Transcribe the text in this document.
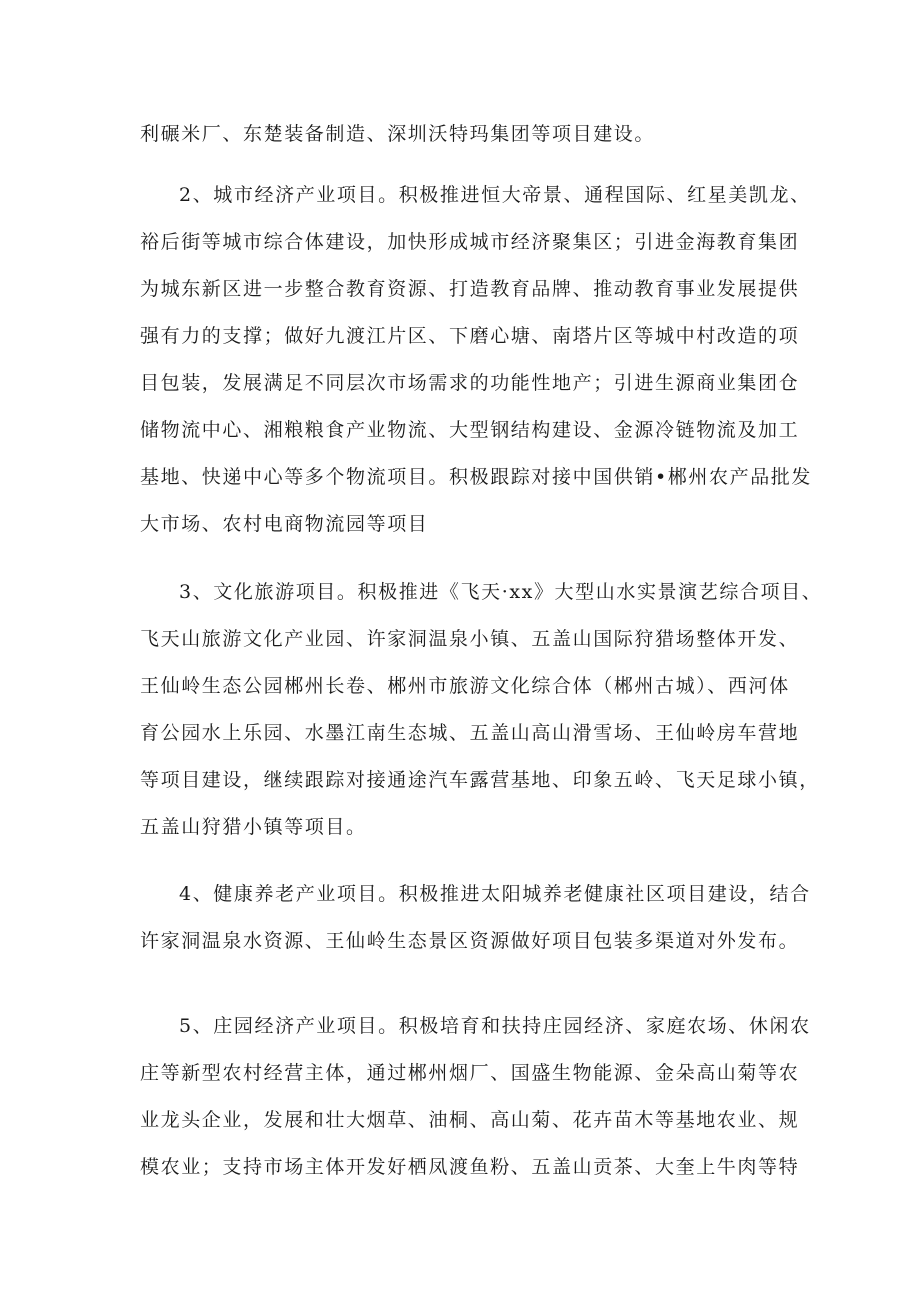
利碾米厂、东楚装备制造、深圳沃特玛集团等项目建设。
2、城市经济产业项目。积极推进恒大帝景、通程国际、红星美凯龙、
裕后街等城市综合体建设，加快形成城市经济聚集区；引进金海教育集团
为城东新区进一步整合教育资源、打造教育品牌、推动教育事业发展提供
强有力的支撑；做好九渡江片区、下磨心塘、南塔片区等城中村改造的项
目包装，发展满足不同层次市场需求的功能性地产；引进生源商业集团仓
储物流中心、湘粮粮食产业物流、大型钢结构建设、金源冷链物流及加工
基地、快递中心等多个物流项目。积极跟踪对接中国供销•郴州农产品批发
大市场、农村电商物流园等项目
3、文化旅游项目。积极推进《飞天·xx》大型山水实景演艺综合项目、
飞天山旅游文化产业园、许家洞温泉小镇、五盖山国际狩猎场整体开发、
王仙岭生态公园郴州长卷、郴州市旅游文化综合体（郴州古城）、西河体
育公园水上乐园、水墨江南生态城、五盖山高山滑雪场、王仙岭房车营地
等项目建设，继续跟踪对接通途汽车露营基地、印象五岭、飞天足球小镇，
五盖山狩猎小镇等项目。
4、健康养老产业项目。积极推进太阳城养老健康社区项目建设，结合
许家洞温泉水资源、王仙岭生态景区资源做好项目包装多渠道对外发布。
5、庄园经济产业项目。积极培育和扶持庄园经济、家庭农场、休闲农
庄等新型农村经营主体，通过郴州烟厂、国盛生物能源、金朵高山菊等农
业龙头企业，发展和壮大烟草、油桐、高山菊、花卉苗木等基地农业、规
模农业；支持市场主体开发好栖凤渡鱼粉、五盖山贡茶、大奎上牛肉等特
